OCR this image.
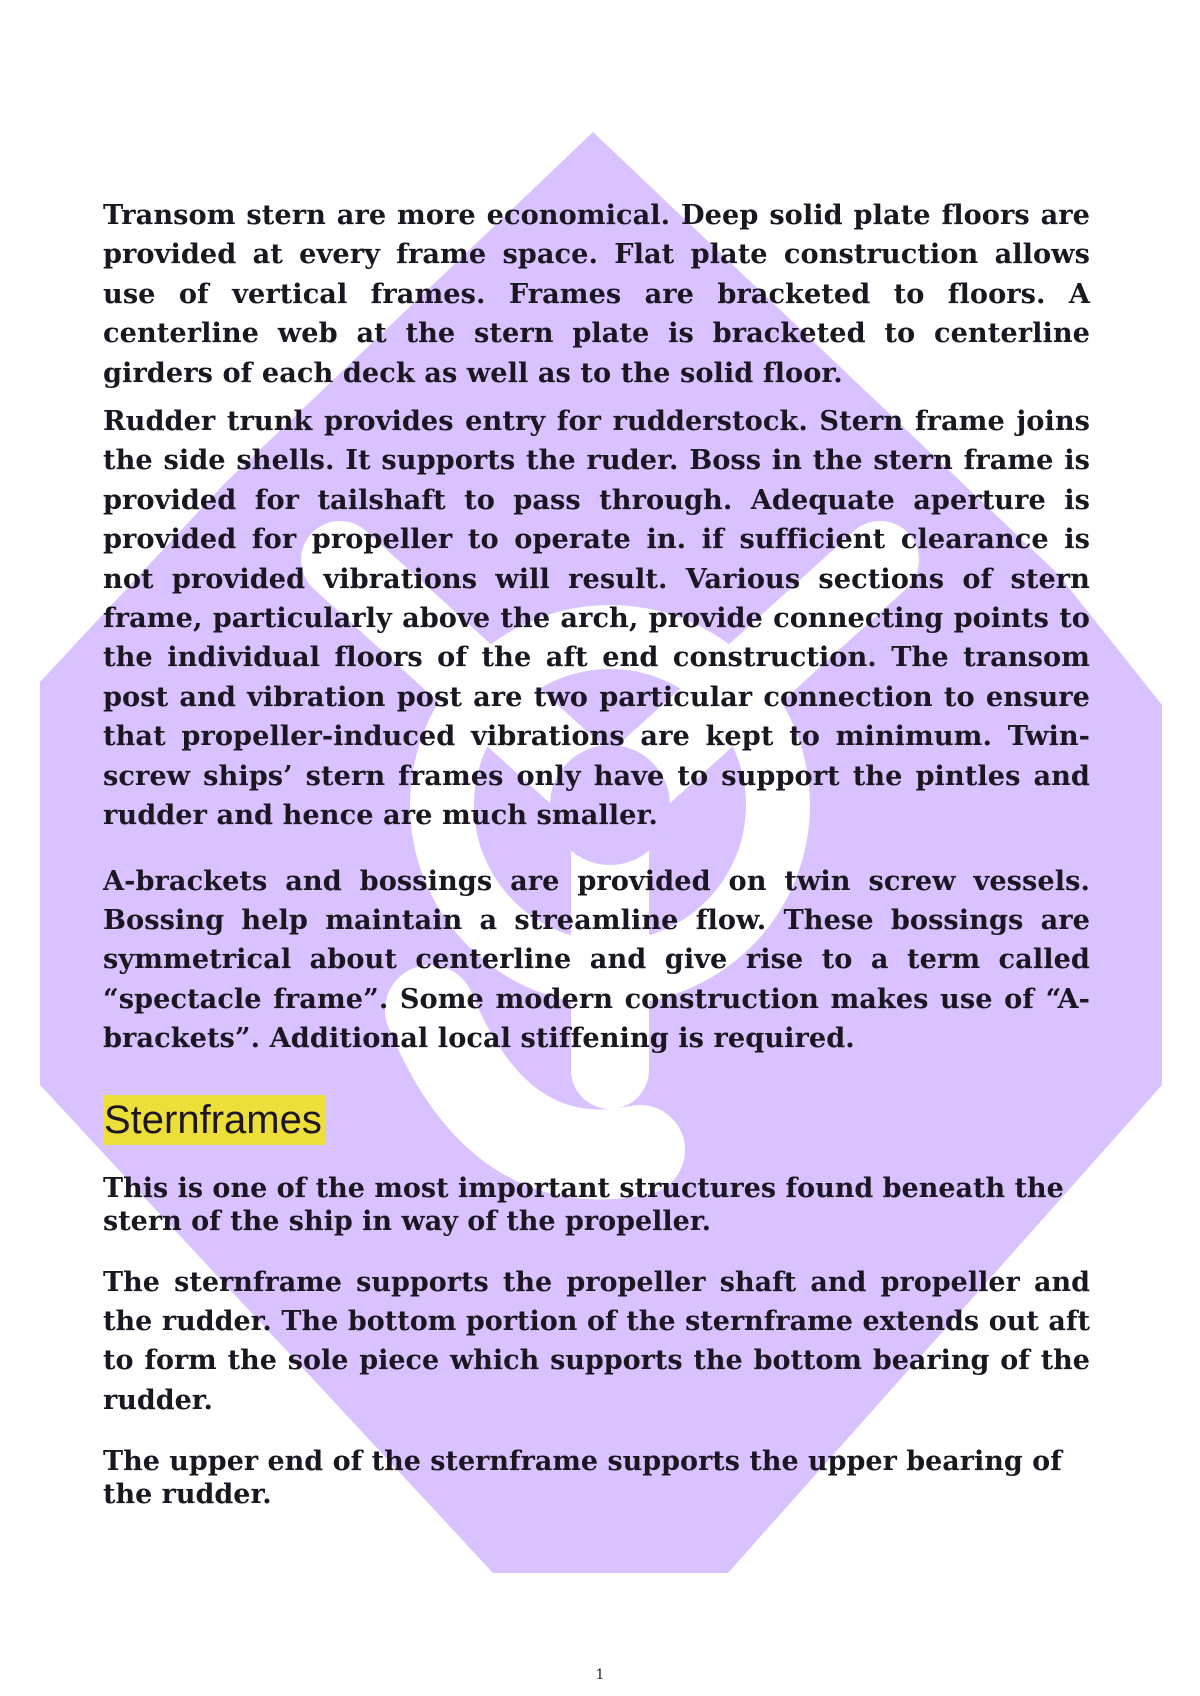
Transom stern are more economical. Deep solid plate floors are provided at every frame space. Flat plate construction allows use of vertical frames. Frames are bracketed to floors. A centerline web at the stern plate is bracketed to centerline girders of each deck as well as to the solid floor.

Rudder trunk provides entry for rudderstock. Stern frame joins the side shells. It supports the ruder. Boss in the stern frame is provided for tailshaft to pass through. Adequate aperture is provided for propeller to operate in. if sufficient clearance is not provided vibrations will result. Various sections of stern frame, particularly above the arch, provide connecting points to the individual floors of the aft end construction. The transom post and vibration post are two particular connection to ensure that propeller-induced vibrations are kept to minimum. Twin-screw ships’ stern frames only have to support the pintles and rudder and hence are much smaller.

A-brackets and bossings are provided on twin screw vessels. Bossing help maintain a streamline flow. These bossings are symmetrical about centerline and give rise to a term called “spectacle frame”. Some modern construction makes use of “A-brackets”. Additional local stiffening is required.

Sternframes

This is one of the most important structures found beneath the stern of the ship in way of the propeller.

The sternframe supports the propeller shaft and propeller and the rudder. The bottom portion of the sternframe extends out aft to form the sole piece which supports the bottom bearing of the rudder.

The upper end of the sternframe supports the upper bearing of the rudder.

1
